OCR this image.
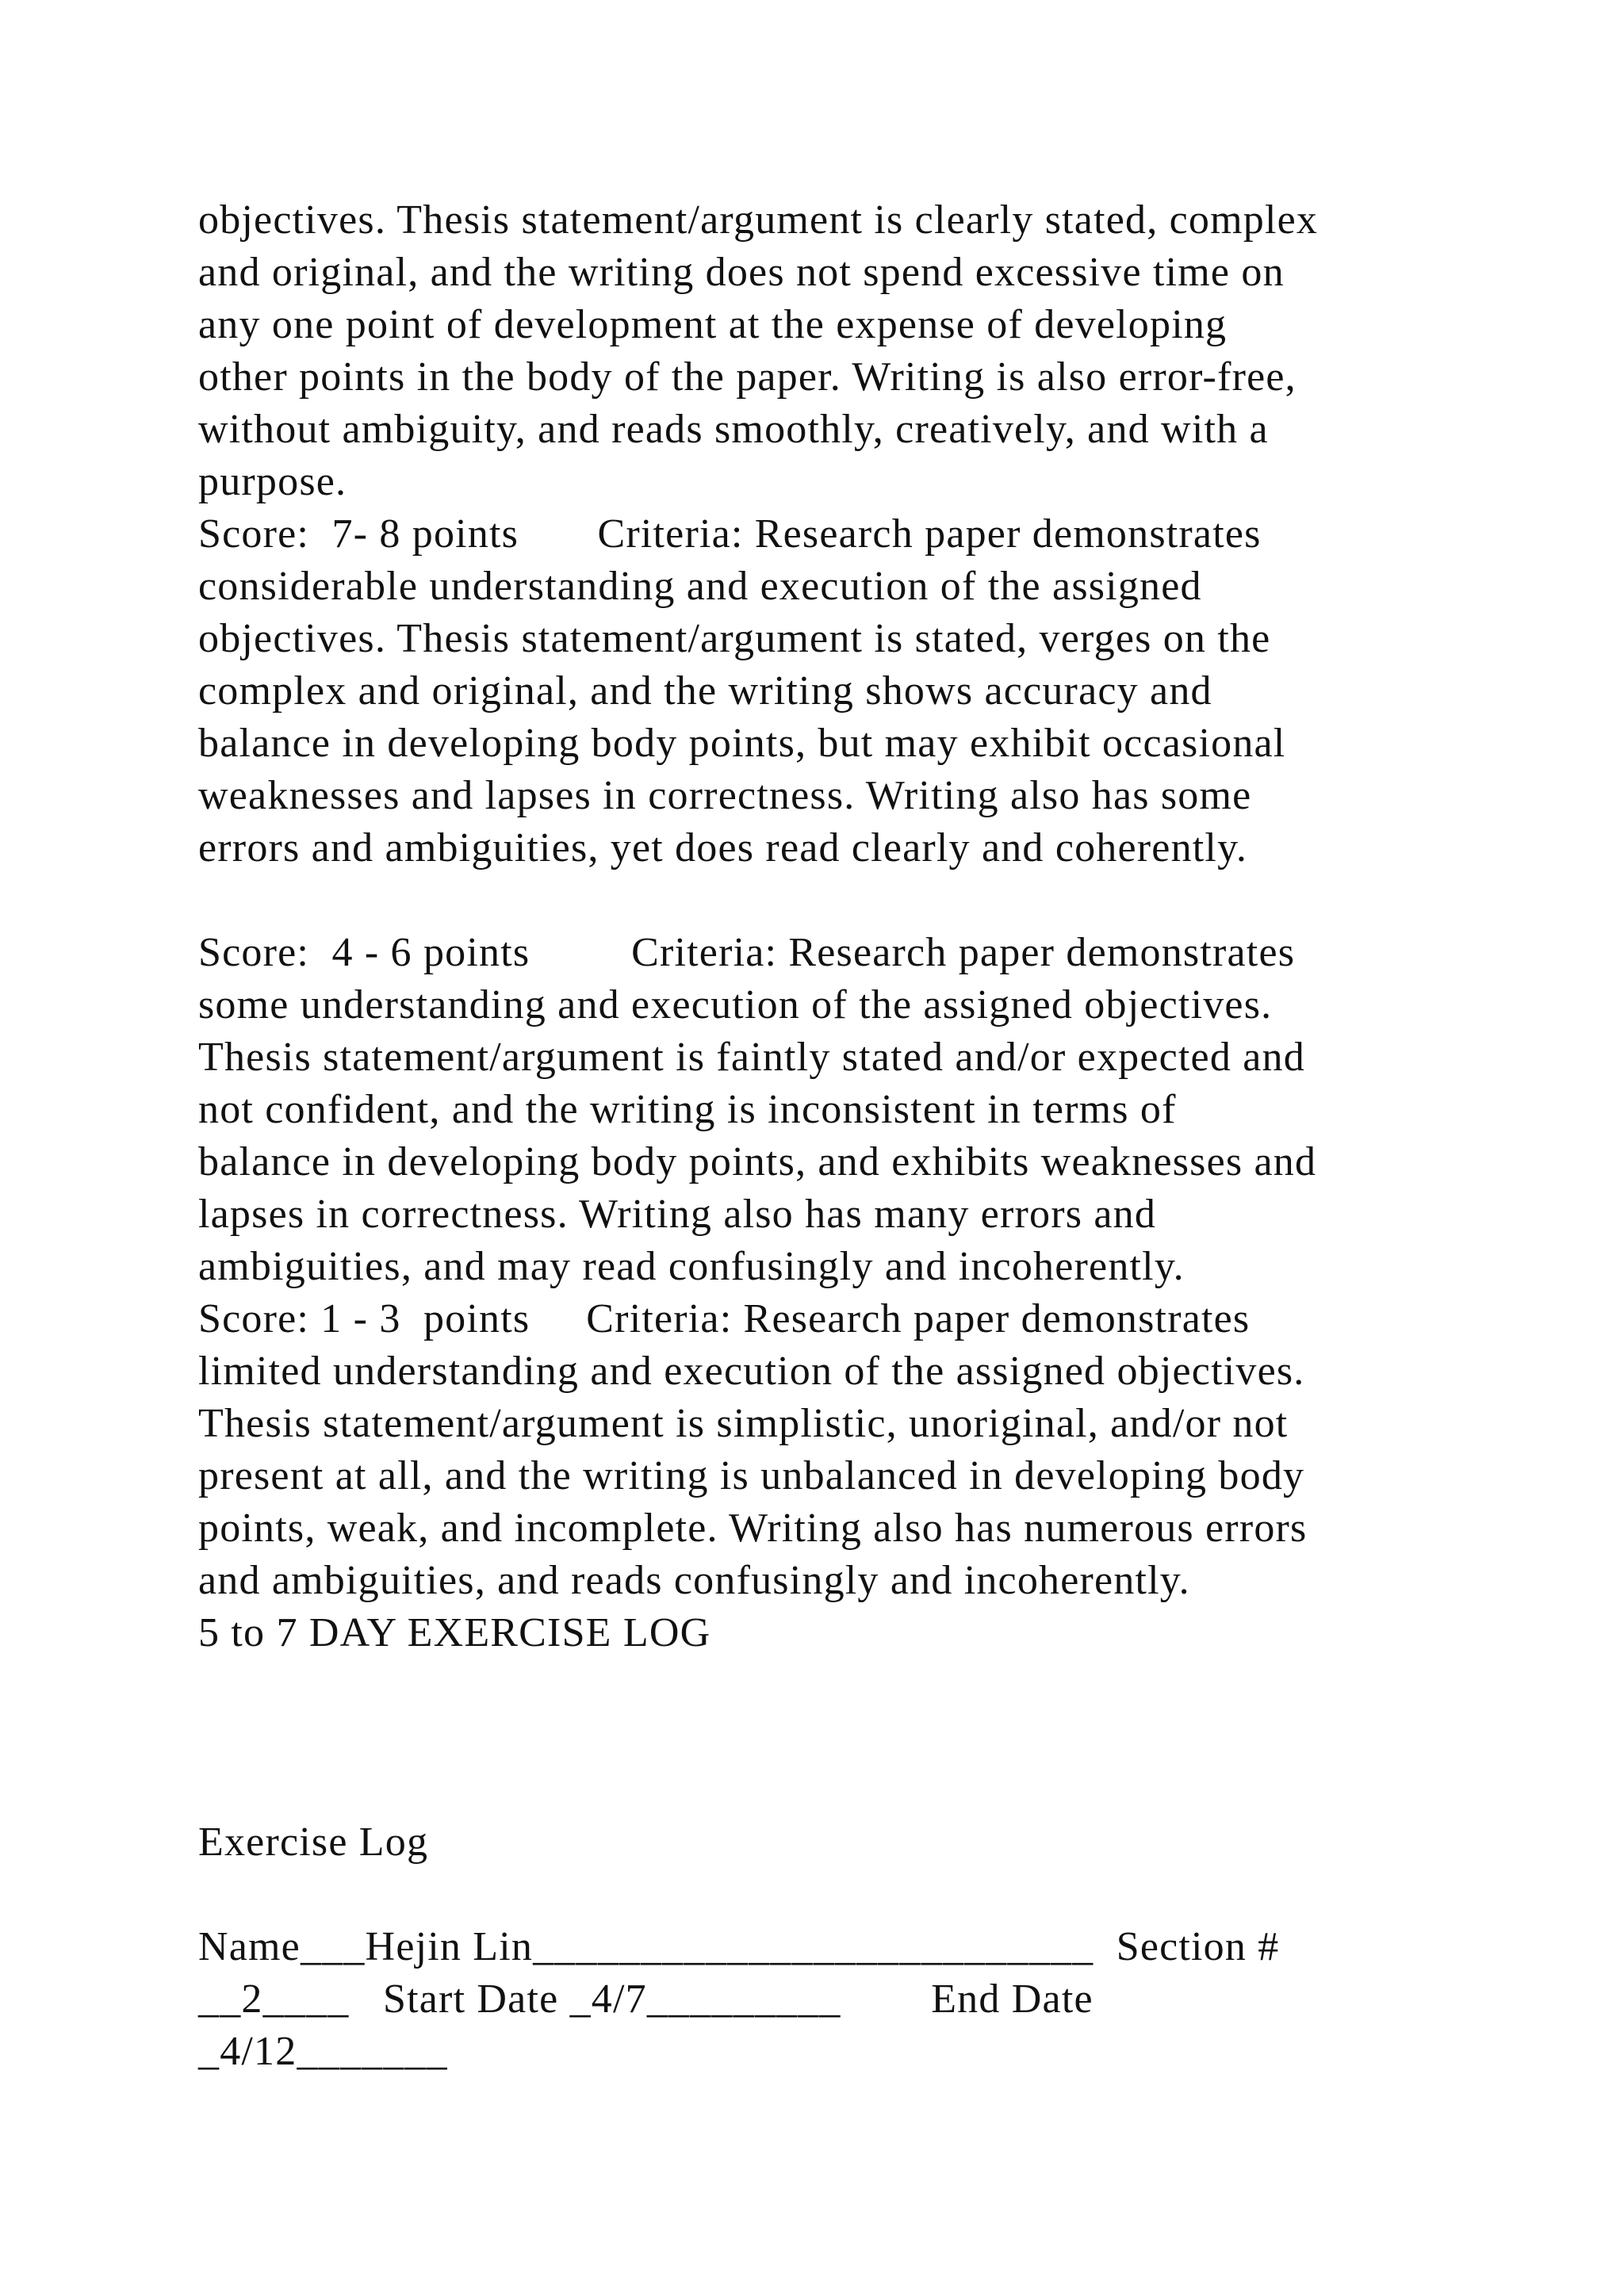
objectives. Thesis statement/argument is clearly stated, complex
and original, and the writing does not spend excessive time on
any one point of development at the expense of developing
other points in the body of the paper. Writing is also error-free,
without ambiguity, and reads smoothly, creatively, and with a
purpose.
Score:  7- 8 points       Criteria: Research paper demonstrates
considerable understanding and execution of the assigned
objectives. Thesis statement/argument is stated, verges on the
complex and original, and the writing shows accuracy and
balance in developing body points, but may exhibit occasional
weaknesses and lapses in correctness. Writing also has some
errors and ambiguities, yet does read clearly and coherently.
Score:  4 - 6 points         Criteria: Research paper demonstrates
some understanding and execution of the assigned objectives.
Thesis statement/argument is faintly stated and/or expected and
not confident, and the writing is inconsistent in terms of
balance in developing body points, and exhibits weaknesses and
lapses in correctness. Writing also has many errors and
ambiguities, and may read confusingly and incoherently.
Score: 1 - 3  points     Criteria: Research paper demonstrates
limited understanding and execution of the assigned objectives.
Thesis statement/argument is simplistic, unoriginal, and/or not
present at all, and the writing is unbalanced in developing body
points, weak, and incomplete. Writing also has numerous errors
and ambiguities, and reads confusingly and incoherently.
5 to 7 DAY EXERCISE LOG
Exercise Log
Name___Hejin Lin__________________________  Section #
__2____   Start Date _4/7_________        End Date
_4/12_______
